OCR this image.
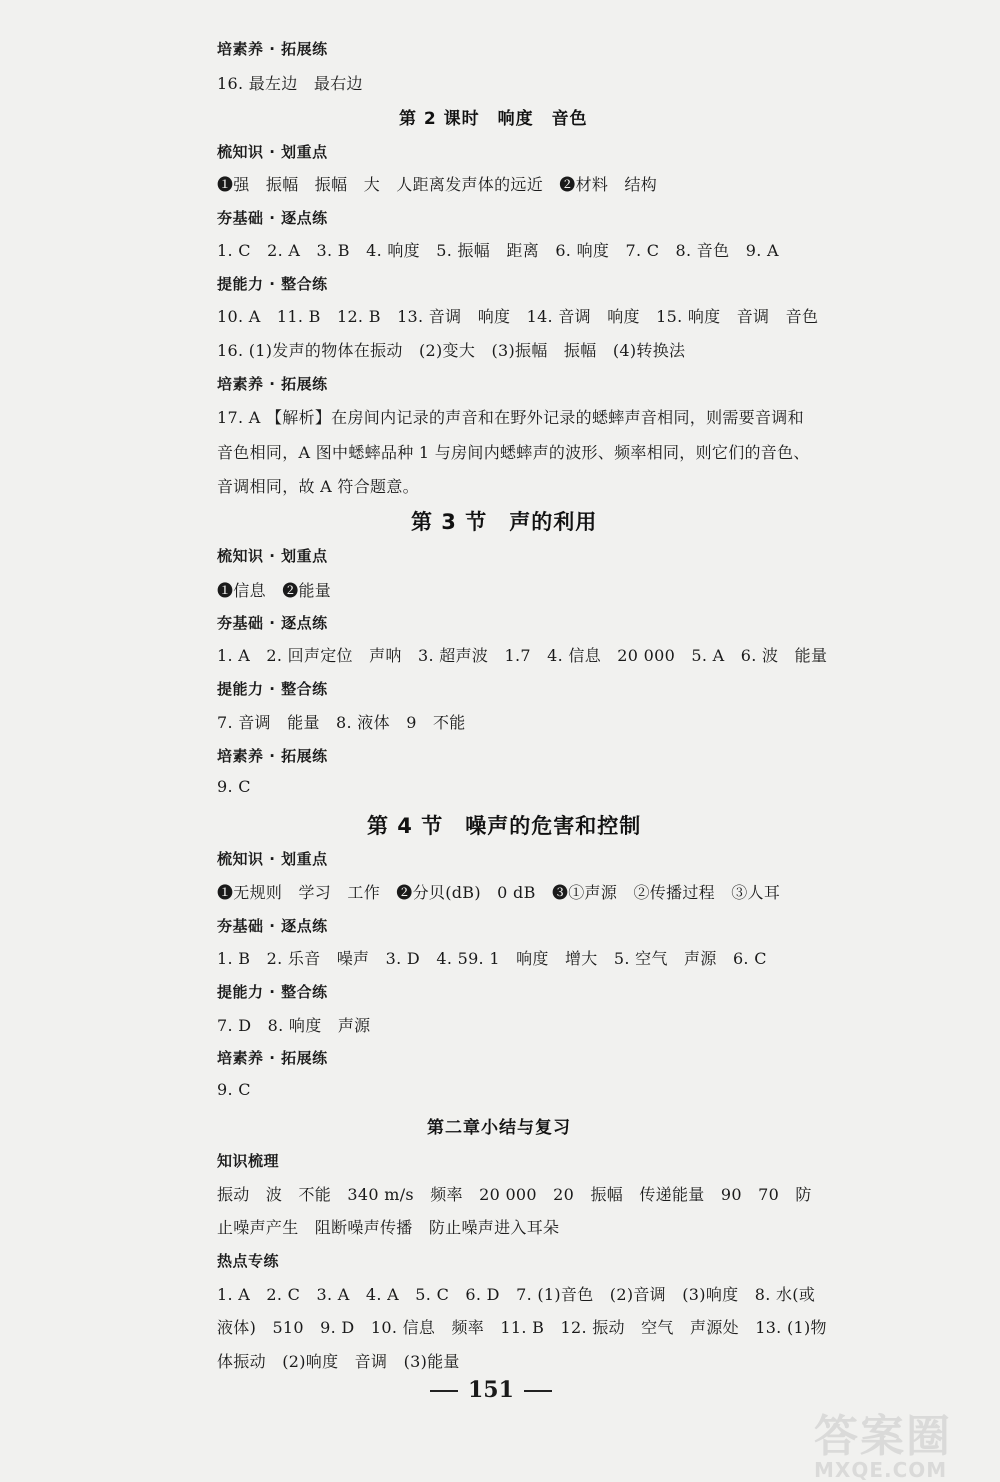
培素养 · 拓展练
16. 最左边　最右边
第 2 课时　响度　音色
梳知识 · 划重点
❶强　振幅　振幅　大　人距离发声体的远近　❷材料　结构
夯基础 · 逐点练
1. C　2. A　3. B　4. 响度　5. 振幅　距离　6. 响度　7. C　8. 音色　9. A
提能力 · 整合练
10. A　11. B　12. B　13. 音调　响度　14. 音调　响度　15. 响度　音调　音色
16. (1)发声的物体在振动　(2)变大　(3)振幅　振幅　(4)转换法
培素养 · 拓展练
17. A 【解析】在房间内记录的声音和在野外记录的蟋蟀声音相同，则需要音调和
音色相同，A 图中蟋蟀品种 1 与房间内蟋蟀声的波形、频率相同，则它们的音色、
音调相同，故 A 符合题意。
第 3 节　声的利用
梳知识 · 划重点
❶信息　❷能量
夯基础 · 逐点练
1. A　2. 回声定位　声呐　3. 超声波　1.7　4. 信息　20 000　5. A　6. 波　能量
提能力 · 整合练
7. 音调　能量　8. 液体　9　不能
培素养 · 拓展练
9. C
第 4 节　噪声的危害和控制
梳知识 · 划重点
❶无规则　学习　工作　❷分贝(dB)　0 dB　❸①声源　②传播过程　③人耳
夯基础 · 逐点练
1. B　2. 乐音　噪声　3. D　4. 59. 1　响度　增大　5. 空气　声源　6. C
提能力 · 整合练
7. D　8. 响度　声源
培素养 · 拓展练
9. C
第二章小结与复习
知识梳理
振动　波　不能　340 m/s　频率　20 000　20　振幅　传递能量　90　70　防
止噪声产生　阻断噪声传播　防止噪声进入耳朵
热点专练
1. A　2. C　3. A　4. A　5. C　6. D　7. (1)音色　(2)音调　(3)响度　8. 水(或
液体)　510　9. D　10. 信息　频率　11. B　12. 振动　空气　声源处　13. (1)物
体振动　(2)响度　音调　(3)能量
151
答案圈
MXQE.COM
